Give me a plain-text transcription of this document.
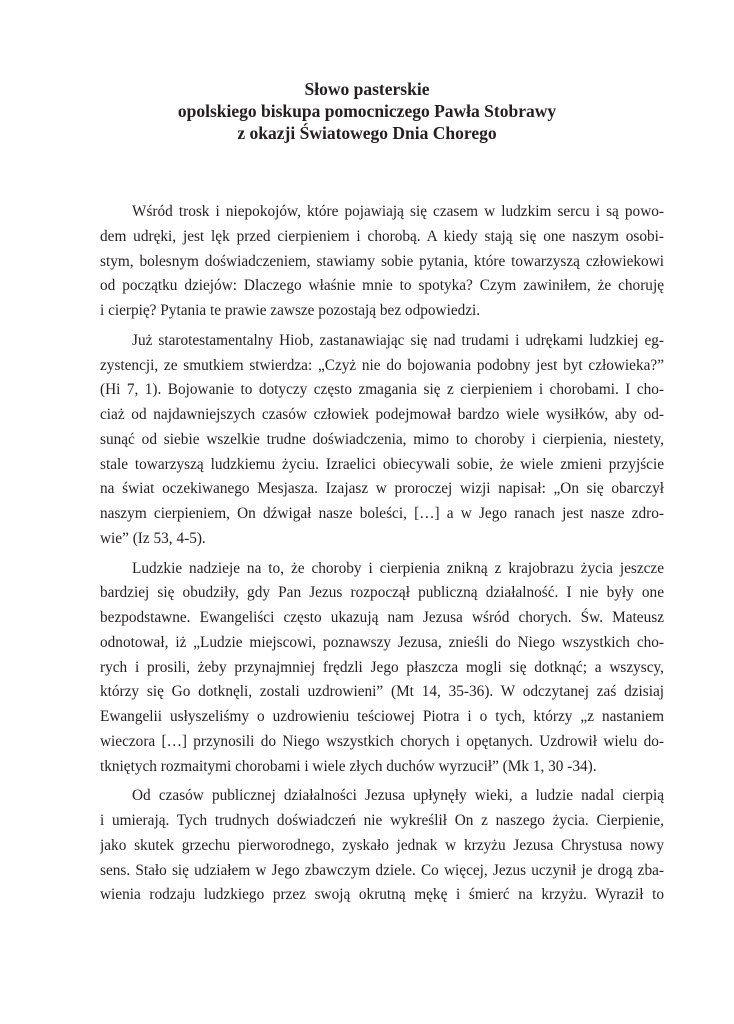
Słowo pasterskie
opolskiego biskupa pomocniczego Pawła Stobrawy
z okazji Światowego Dnia Chorego
Wśród trosk i niepokojów, które pojawiają się czasem w ludzkim sercu i są powo-
dem udręki, jest lęk przed cierpieniem i chorobą. A kiedy stają się one naszym osobi-
stym, bolesnym doświadczeniem, stawiamy sobie pytania, które towarzyszą człowiekowi
od początku dziejów: Dlaczego właśnie mnie to spotyka? Czym zawiniłem, że choruję
i cierpię? Pytania te prawie zawsze pozostają bez odpowiedzi.
Już starotestamentalny Hiob, zastanawiając się nad trudami i udrękami ludzkiej eg-
zystencji, ze smutkiem stwierdza: „Czyż nie do bojowania podobny jest byt człowieka?”
(Hi 7, 1). Bojowanie to dotyczy często zmagania się z cierpieniem i chorobami. I cho-
ciaż od najdawniejszych czasów człowiek podejmował bardzo wiele wysiłków, aby od-
sunąć od siebie wszelkie trudne doświadczenia, mimo to choroby i cierpienia, niestety,
stale towarzyszą ludzkiemu życiu. Izraelici obiecywali sobie, że wiele zmieni przyjście
na świat oczekiwanego Mesjasza. Izajasz w proroczej wizji napisał: „On się obarczył
naszym cierpieniem, On dźwigał nasze boleści, […] a w Jego ranach jest nasze zdro-
wie” (Iz 53, 4-5).
Ludzkie nadzieje na to, że choroby i cierpienia znikną z krajobrazu życia jeszcze
bardziej się obudziły, gdy Pan Jezus rozpoczął publiczną działalność. I nie były one
bezpodstawne. Ewangeliści często ukazują nam Jezusa wśród chorych. Św. Mateusz
odnotował, iż „Ludzie miejscowi, poznawszy Jezusa, znieśli do Niego wszystkich cho-
rych i prosili, żeby przynajmniej frędzli Jego płaszcza mogli się dotknąć; a wszyscy,
którzy się Go dotknęli, zostali uzdrowieni” (Mt 14, 35-36). W odczytanej zaś dzisiaj
Ewangelii usłyszeliśmy o uzdrowieniu teściowej Piotra i o tych, którzy „z nastaniem
wieczora […] przynosili do Niego wszystkich chorych i opętanych. Uzdrowił wielu do-
tkniętych rozmaitymi chorobami i wiele złych duchów wyrzucił” (Mk 1, 30 -34).
Od czasów publicznej działalności Jezusa upłynęły wieki, a ludzie nadal cierpią
i umierają. Tych trudnych doświadczeń nie wykreślił On z naszego życia. Cierpienie,
jako skutek grzechu pierworodnego, zyskało jednak w krzyżu Jezusa Chrystusa nowy
sens. Stało się udziałem w Jego zbawczym dziele. Co więcej, Jezus uczynił je drogą zba-
wienia rodzaju ludzkiego przez swoją okrutną mękę i śmierć na krzyżu. Wyraził to
